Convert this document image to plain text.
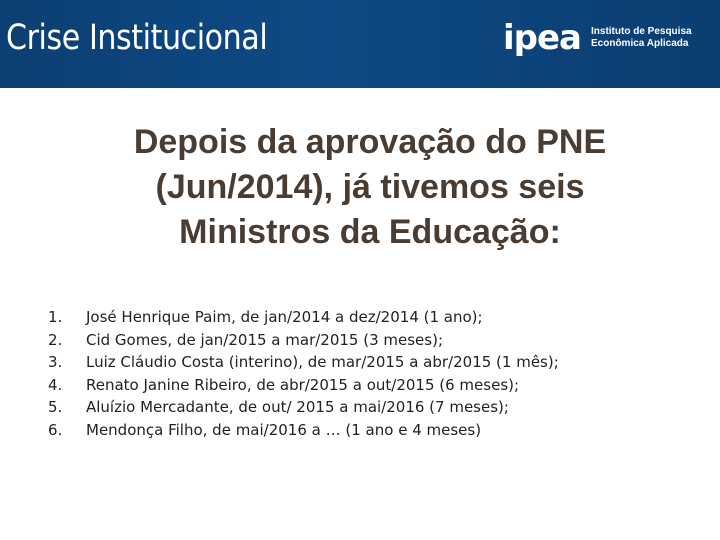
Crise Institucional	ipea Instituto de Pesquisa
Econômica Aplicada
Depois da aprovação do PNE
(Jun/2014), já tivemos seis
Ministros da Educação:
1.	José Henrique Paim, de jan/2014 a dez/2014 (1 ano);
2.	Cid Gomes, de jan/2015 a mar/2015 (3 meses);
3.	Luiz Cláudio Costa (interino), de mar/2015 a abr/2015 (1 mês);
4.	Renato Janine Ribeiro, de abr/2015 a out/2015 (6 meses);
5.	Aluízio Mercadante, de out/ 2015 a mai/2016 (7 meses);
6.	Mendonça Filho, de mai/2016 a … (1 ano e 4 meses)
